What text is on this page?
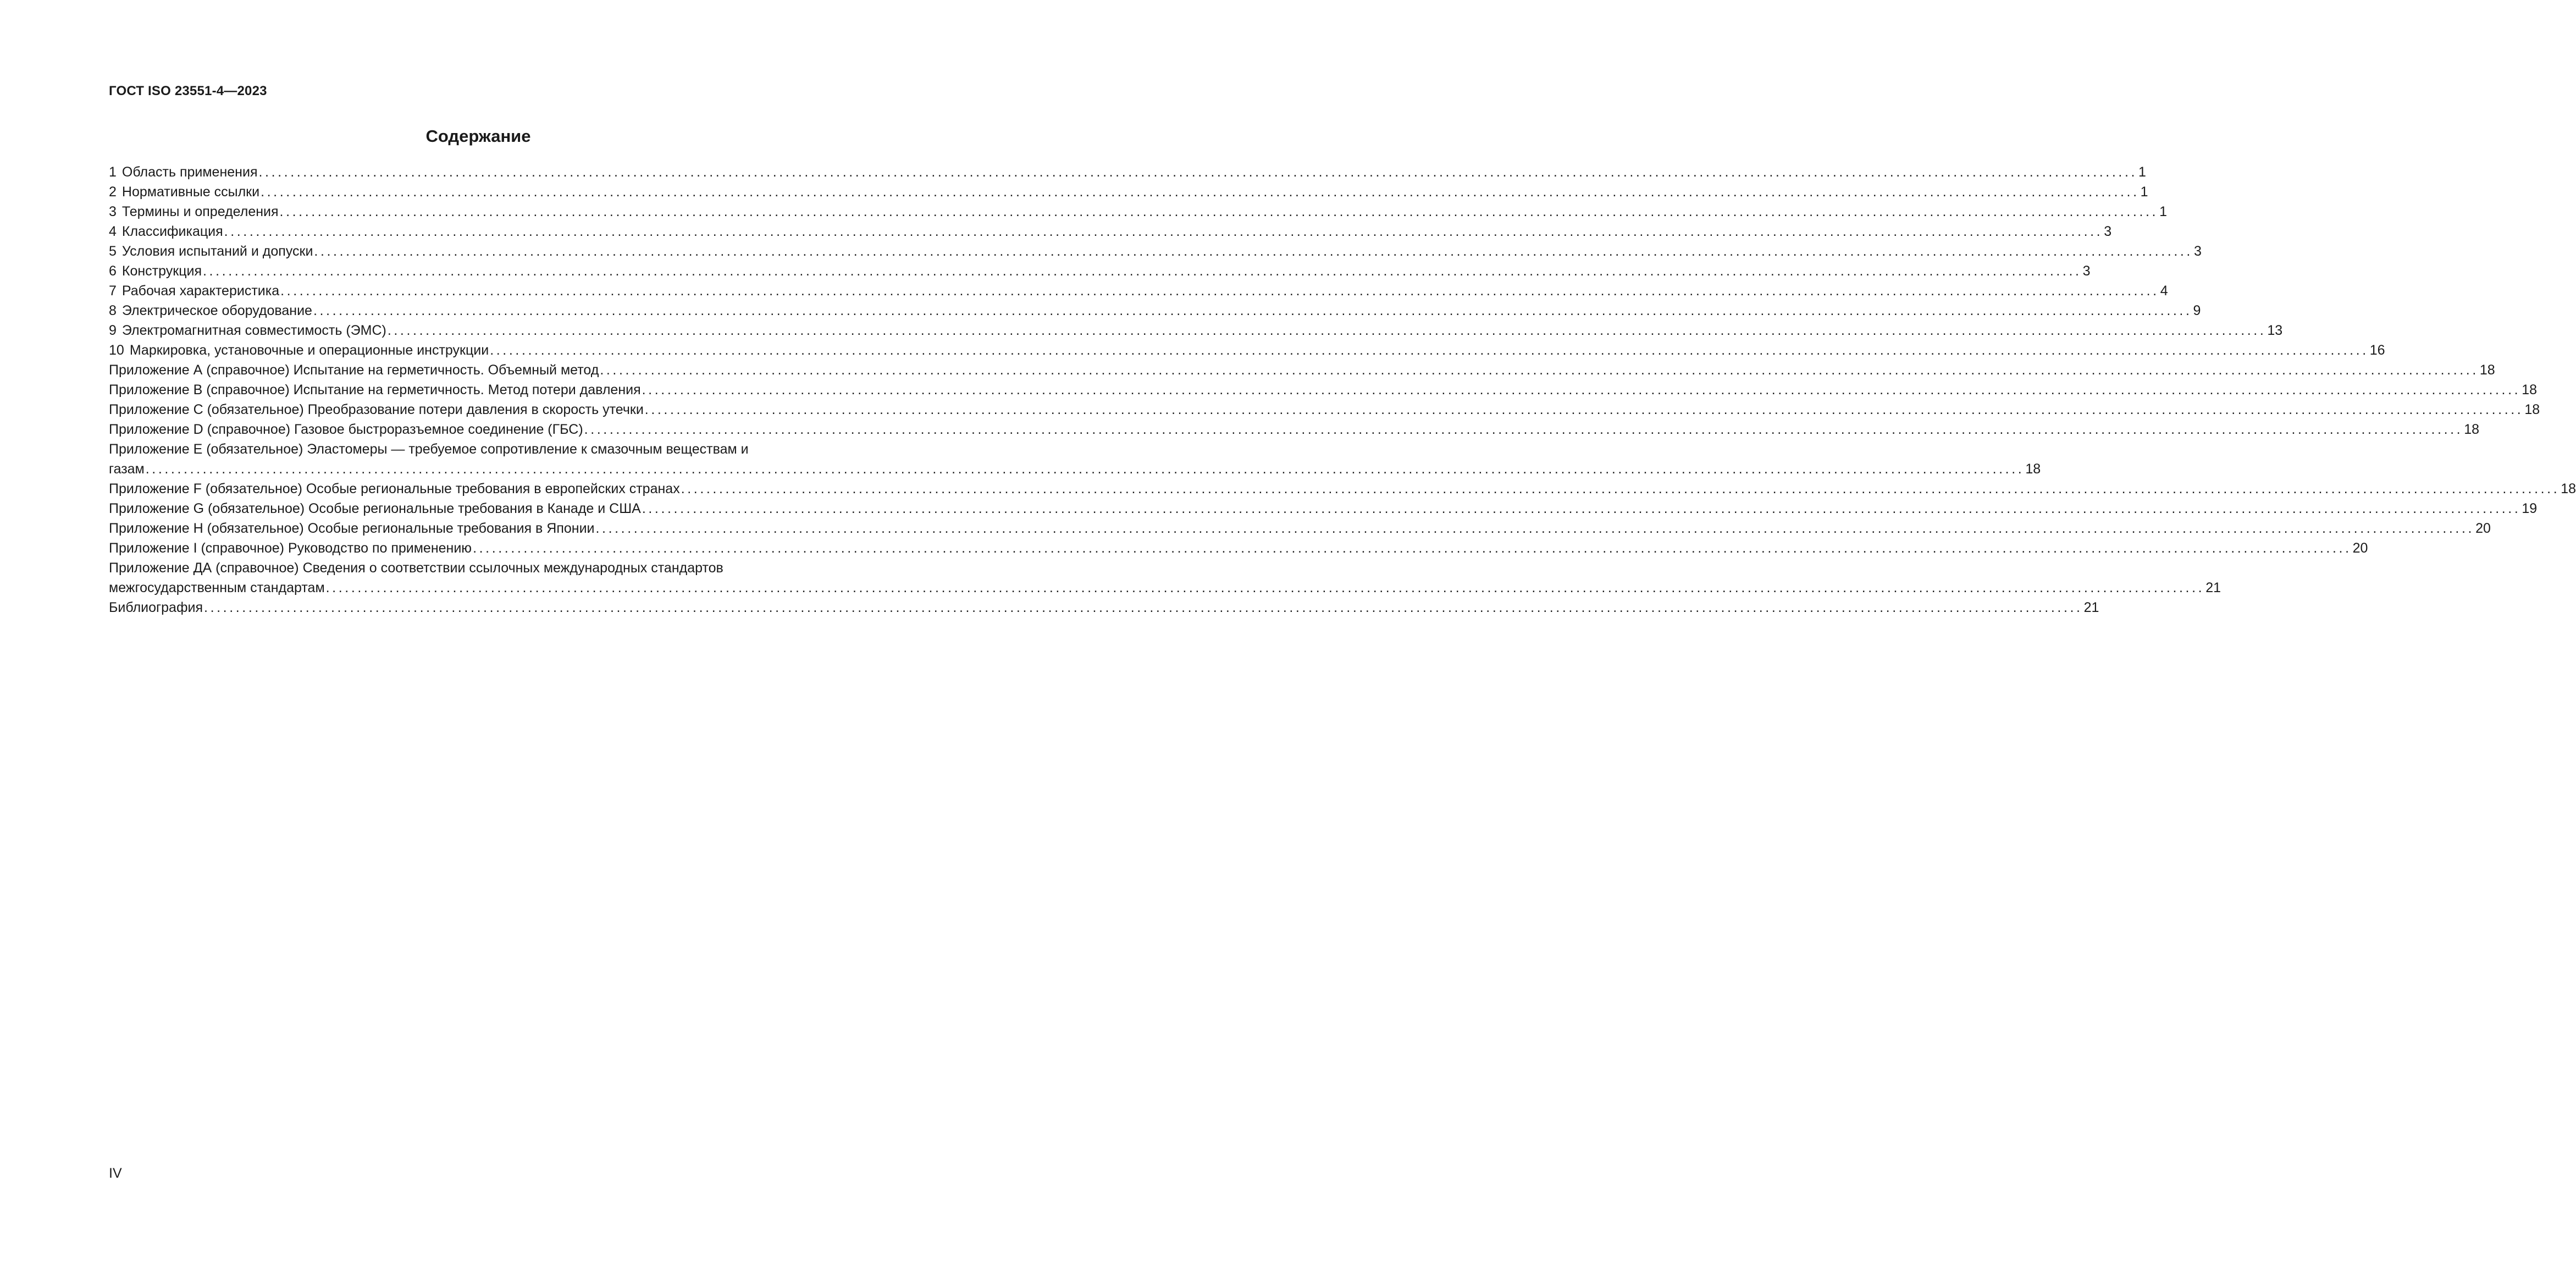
ГОСТ ISO 23551-4—2023
Содержание
1 Область применения .....	1
2 Нормативные ссылки .....	1
3 Термины и определения .....	1
4 Классификация .....	3
5 Условия испытаний и допуски .....	3
6 Конструкция .....	3
7 Рабочая характеристика .....	4
8 Электрическое оборудование .....	9
9 Электромагнитная совместимость (ЭМС) .....	13
10 Маркировка, установочные и операционные инструкции .....	16
Приложение А (справочное) Испытание на герметичность. Объемный метод .....	18
Приложение В (справочное) Испытание на герметичность. Метод потери давления .....	18
Приложение С (обязательное) Преобразование потери давления в скорость утечки .....	18
Приложение D (справочное) Газовое быстроразъемное соединение (ГБС) .....	18
Приложение Е (обязательное) Эластомеры — требуемое сопротивление к смазочным веществам и
газам .....	18
Приложение F (обязательное) Особые региональные требования в европейских странах .....	18
Приложение G (обязательное) Особые региональные требования в Канаде и США .....	19
Приложение Н (обязательное) Особые региональные требования в Японии .....	20
Приложение I (справочное) Руководство по применению .....	20
Приложение ДА (справочное) Сведения о соответствии ссылочных международных стандартов
межгосударственным стандартам .....	21
Библиография .....	21
IV
